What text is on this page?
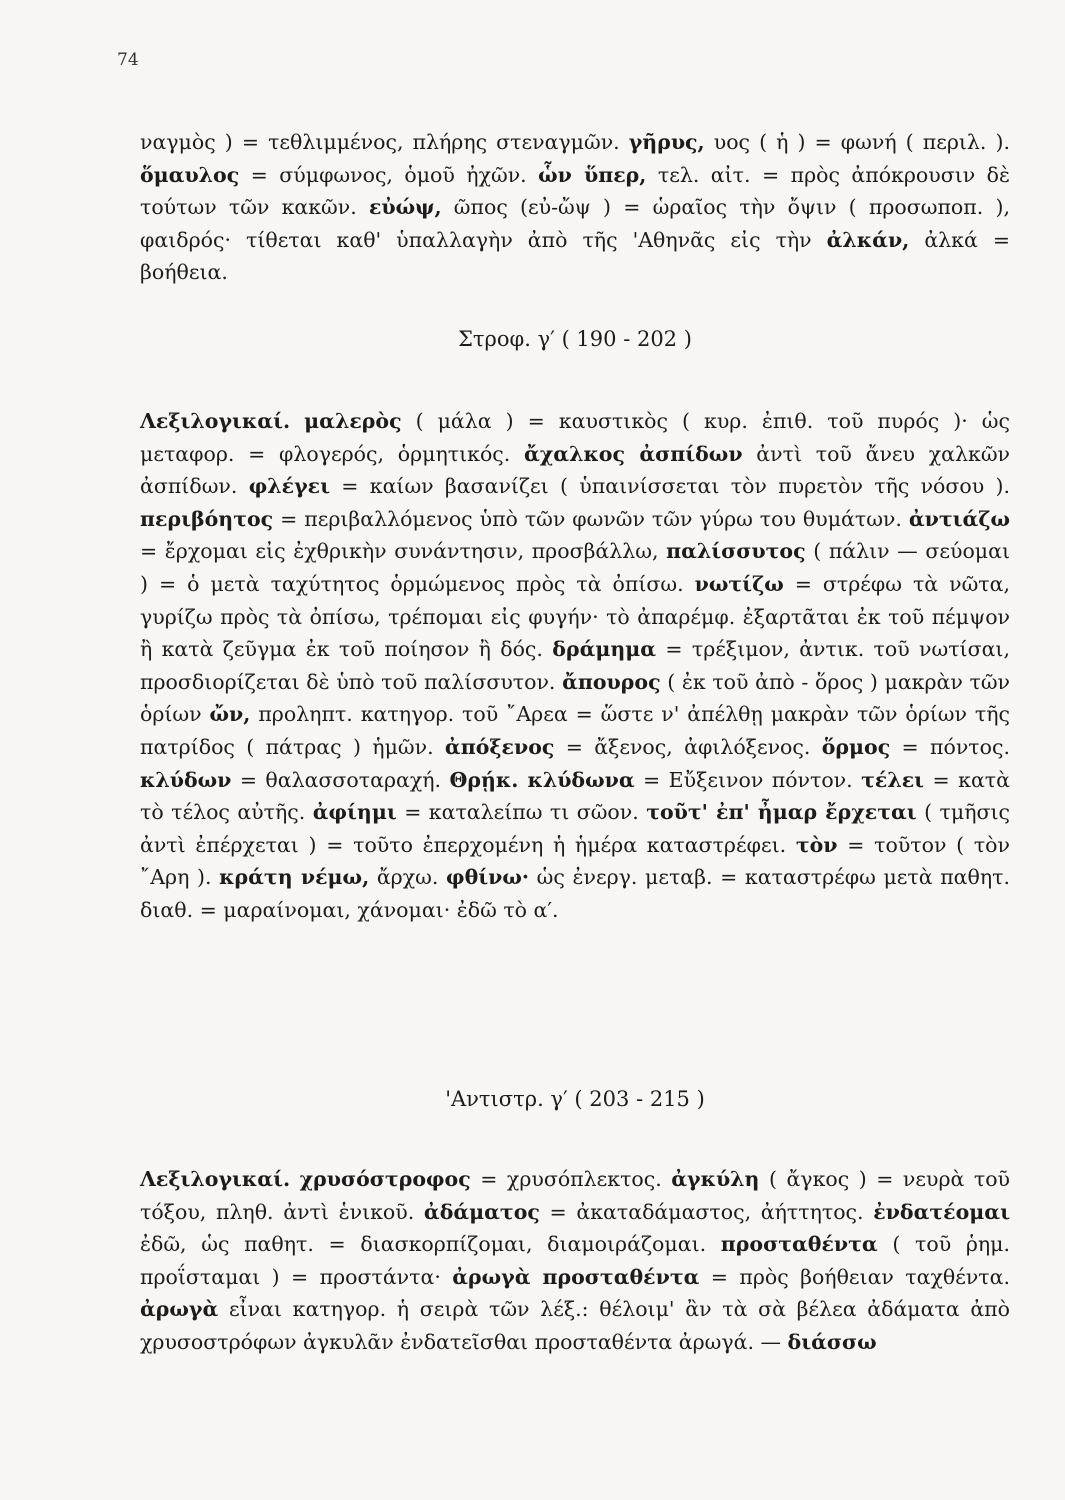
74
ναγμὸς ) = τεθλιμμένος, πλήρης στεναγμῶν. γῆρυς, υος ( ἡ ) = φωνή ( περιλ. ). ὅμαυλος = σύμφωνος, ὁμοῦ ἠχῶν. ὧν ὕπερ, τελ. αἰτ. = πρὸς ἀπόκρουσιν δὲ τούτων τῶν κακῶν. εὐώψ, ῶπος (εὐ-ὤψ ) = ὡραῖος τὴν ὄψιν ( προσωποπ. ), φαιδρός· τίθεται καθ' ὑπαλλαγὴν ἀπὸ τῆς 'Αθηνᾶς εἰς τὴν ἀλκάν, ἀλκά = βοήθεια.
Στροφ. γ′ ( 190 - 202 )
Λεξιλογικαί. μαλερὸς ( μάλα ) = καυστικὸς ( κυρ. ἐπιθ. τοῦ πυρός )· ὡς μεταφορ. = φλογερός, ὁρμητικός. ἄχαλκος ἀσπίδων ἀντὶ τοῦ ἄνευ χαλκῶν ἀσπίδων. φλέγει = καίων βασανίζει ( ὑπαινίσσεται τὸν πυρετὸν τῆς νόσου ). περιβόητος = περιβαλλόμενος ὑπὸ τῶν φωνῶν τῶν γύρω του θυμάτων. ἀντιάζω = ἔρχομαι εἰς ἐχθρικὴν συνάντησιν, προσβάλλω, παλίσσυτος ( πάλιν — σεύομαι ) = ὁ μετὰ ταχύτητος ὁρμώμενος πρὸς τὰ ὀπίσω. νωτίζω = στρέφω τὰ νῶτα, γυρίζω πρὸς τὰ ὀπίσω, τρέπομαι εἰς φυγήν· τὸ ἀπαρέμφ. ἐξαρτᾶται ἐκ τοῦ πέμψον ἢ κατὰ ζεῦγμα ἐκ τοῦ ποίησον ἢ δός. δράμημα = τρέξιμον, ἀντικ. τοῦ νωτίσαι, προσδιορίζεται δὲ ὑπὸ τοῦ παλίσσυτον. ἄπουρος ( ἐκ τοῦ ἀπὸ - ὅρος ) μακρὰν τῶν ὁρίων ὤν, προληπτ. κατηγορ. τοῦ ῎Αρεα = ὥστε ν' ἀπέλθῃ μακρὰν τῶν ὁρίων τῆς πατρίδος ( πάτρας ) ἡμῶν. ἀπόξενος = ἄξενος, ἀφιλόξενος. ὅρμος = πόντος. κλύδων = θαλασσοταραχή. Θρῄκ. κλύδωνα = Εὔξεινον πόντον. τέλει = κατὰ τὸ τέλος αὐτῆς. ἀφίημι = καταλείπω τι σῶον. τοῦτ' ἐπ' ἦμαρ ἔρχεται ( τμῆσις ἀντὶ ἐπέρχεται ) = τοῦτο ἐπερχομένη ἡ ἡμέρα καταστρέφει. τὸν = τοῦτον ( τὸν ῎Αρη ). κράτη νέμω, ἄρχω. φθίνω· ὡς ἐνεργ. μεταβ. = καταστρέφω μετὰ παθητ. διαθ. = μαραίνομαι, χάνομαι· ἐδῶ τὸ α′.
'Αντιστρ. γ′ ( 203 - 215 )
Λεξιλογικαί. χρυσόστροφος = χρυσόπλεκτος. ἀγκύλη ( ἄγκος ) = νευρὰ τοῦ τόξου, πληθ. ἀντὶ ἑνικοῦ. ἀδάματος = ἀκαταδάμαστος, ἀήττητος. ἐνδατέομαι ἐδῶ, ὡς παθητ. = διασκορπίζομαι, διαμοιράζομαι. προσταθέντα ( τοῦ ῥημ. προΐσταμαι ) = προστάντα· ἀρωγὰ προσταθέντα = πρὸς βοήθειαν ταχθέντα. ἀρωγὰ εἶναι κατηγορ. ἡ σειρὰ τῶν λέξ.: θέλοιμ' ἂν τὰ σὰ βέλεα ἀδάματα ἀπὸ χρυσοστρόφων ἀγκυλᾶν ἐνδατεῖσθαι προσταθέντα ἀρωγά. — διάσσω
